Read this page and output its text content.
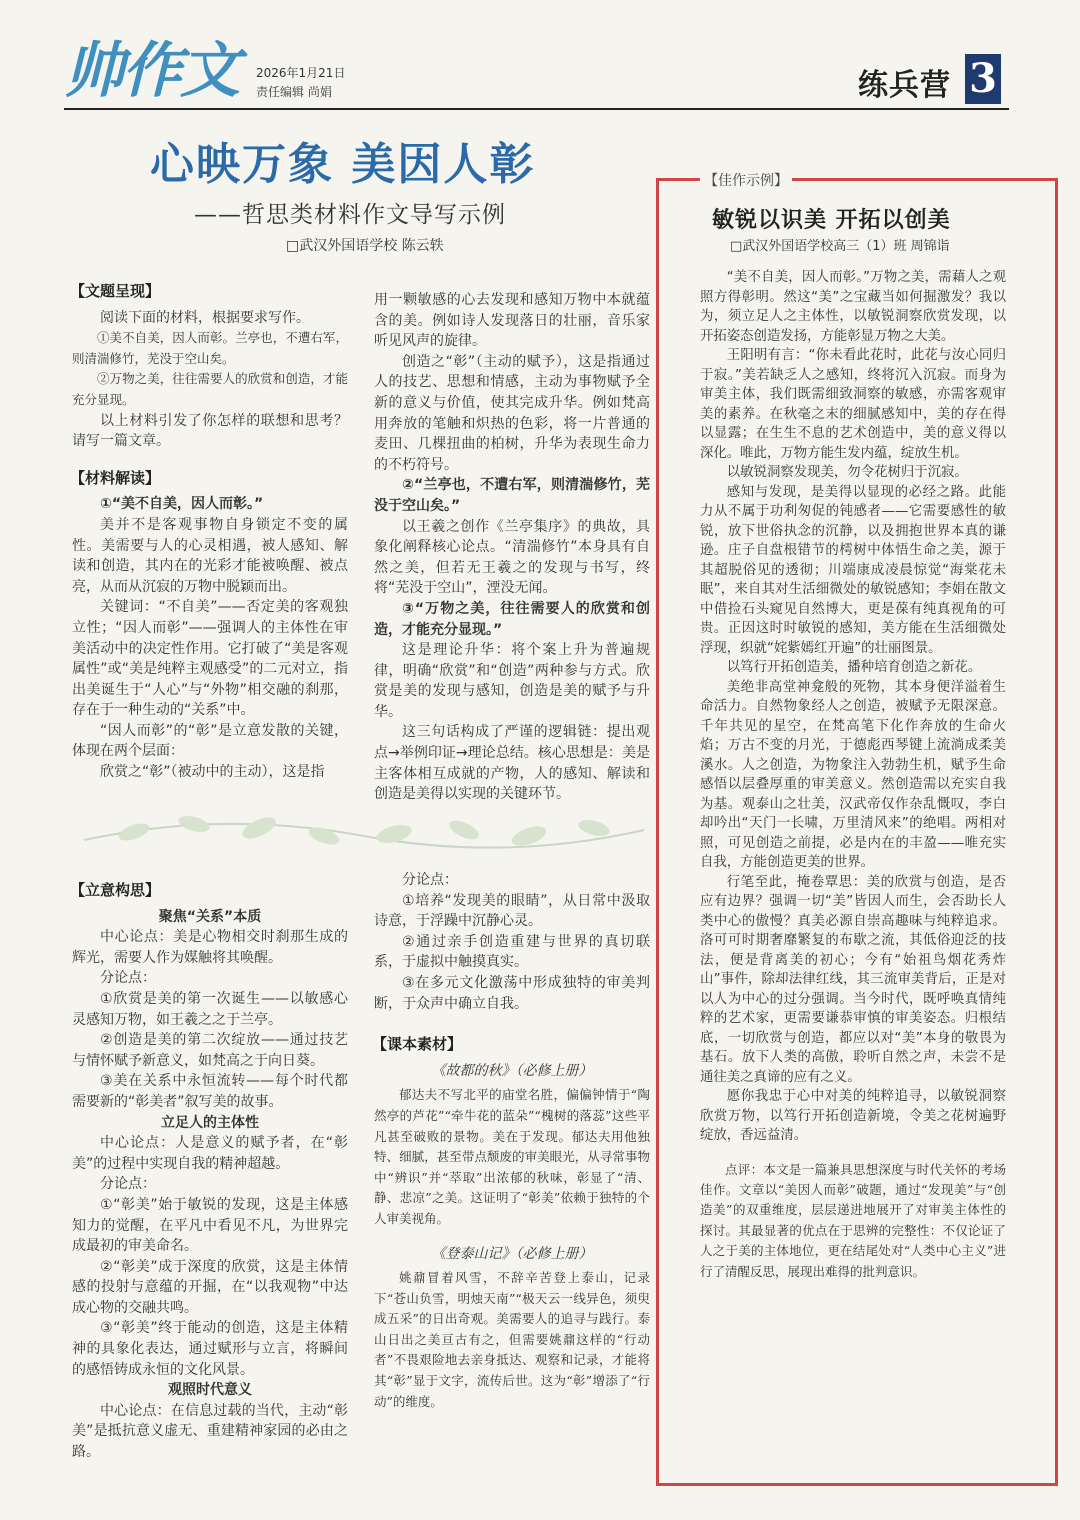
帅作文	2026年1月21日
责任编辑 尚娟	练兵营 3
心映万象 美因人彰
——哲思类材料作文导写示例
□武汉外国语学校 陈云轶
【文题呈现】

阅读下面的材料，根据要求写作。

①美不自美，因人而彰。兰亭也，不遭右军，则清湍修竹，芜没于空山矣。

②万物之美，往往需要人的欣赏和创造，才能充分显现。

以上材料引发了你怎样的联想和思考？请写一篇文章。

【材料解读】

①“美不自美，因人而彰。”

美并不是客观事物自身锁定不变的属性。美需要与人的心灵相遇，被人感知、解读和创造，其内在的光彩才能被唤醒、被点亮，从而从沉寂的万物中脱颖而出。

关键词：“不自美”——否定美的客观独立性；“因人而彰”——强调人的主体性在审美活动中的决定性作用。它打破了“美是客观属性”或“美是纯粹主观感受”的二元对立，指出美诞生于“人心”与“外物”相交融的刹那，存在于一种生动的“关系”中。

“因人而彰”的“彰”是立意发散的关键，体现在两个层面：

欣赏之“彰”（被动中的主动），这是指

用一颗敏感的心去发现和感知万物中本就蕴含的美。例如诗人发现落日的壮丽，音乐家听见风声的旋律。

创造之“彰”（主动的赋予），这是指通过人的技艺、思想和情感，主动为事物赋予全新的意义与价值，使其完成升华。例如梵高用奔放的笔触和炽热的色彩，将一片普通的麦田、几棵扭曲的柏树，升华为表现生命力的不朽符号。

②“兰亭也，不遭右军，则清湍修竹，芜没于空山矣。”

以王羲之创作《兰亭集序》的典故，具象化阐释核心论点。“清湍修竹”本身具有自然之美，但若无王羲之的发现与书写，终将“芜没于空山”，湮没无闻。

③“万物之美，往往需要人的欣赏和创造，才能充分显现。”

这是理论升华：将个案上升为普遍规律，明确“欣赏”和“创造”两种参与方式。欣赏是美的发现与感知，创造是美的赋予与升华。

这三句话构成了严谨的逻辑链：提出观点→举例印证→理论总结。核心思想是：美是主客体相互成就的产物，人的感知、解读和创造是美得以实现的关键环节。

【立意构思】

聚焦“关系”本质

中心论点：美是心物相交时刹那生成的辉光，需要人作为媒触将其唤醒。

分论点：

①欣赏是美的第一次诞生——以敏感心灵感知万物，如王羲之之于兰亭。

②创造是美的第二次绽放——通过技艺与情怀赋予新意义，如梵高之于向日葵。

③美在关系中永恒流转——每个时代都需要新的“彰美者”叙写美的故事。

立足人的主体性

中心论点：人是意义的赋予者，在“彰美”的过程中实现自我的精神超越。

分论点：

①“彰美”始于敏锐的发现，这是主体感知力的觉醒，在平凡中看见不凡，为世界完成最初的审美命名。

②“彰美”成于深度的欣赏，这是主体情感的投射与意蕴的开掘，在“以我观物”中达成心物的交融共鸣。

③“彰美”终于能动的创造，这是主体精神的具象化表达，通过赋形与立言，将瞬间的感悟铸成永恒的文化风景。

观照时代意义

中心论点：在信息过载的当代，主动“彰美”是抵抗意义虚无、重建精神家园的必由之路。

分论点：

①培养“发现美的眼睛”，从日常中汲取诗意，于浮躁中沉静心灵。

②通过亲手创造重建与世界的真切联系，于虚拟中触摸真实。

③在多元文化激荡中形成独特的审美判断，于众声中确立自我。

【课本素材】
《故都的秋》（必修上册）

郁达夫不写北平的庙堂名胜，偏偏钟情于“陶然亭的芦花”“牵牛花的蓝朵”“槐树的落蕊”这些平凡甚至破败的景物。美在于发现。郁达夫用他独特、细腻，甚至带点颓废的审美眼光，从寻常事物中“辨识”并“萃取”出浓郁的秋味，彰显了“清、静、悲凉”之美。这证明了“彰美”依赖于独特的个人审美视角。

《登泰山记》（必修上册）

姚鼐冒着风雪，不辞辛苦登上泰山，记录下“苍山负雪，明烛天南”“极天云一线异色，须臾成五采”的日出奇观。美需要人的追寻与践行。泰山日出之美亘古有之，但需要姚鼐这样的“行动者”不畏艰险地去亲身抵达、观察和记录，才能将其“彰”显于文字，流传后世。这为“彰”增添了“行动”的维度。

【佳作示例】
敏锐以识美 开拓以创美
□武汉外国语学校高三（1）班 周锦诣

“美不自美，因人而彰。”万物之美，需藉人之观照方得彰明。然这“美”之宝藏当如何掘激发？我以为，须立足人之主体性，以敏锐洞察欣赏发现，以开拓姿态创造发扬，方能彰显万物之大美。

王阳明有言：“你未看此花时，此花与汝心同归于寂。”美若缺乏人之感知，终将沉入沉寂。而身为审美主体，我们既需细致洞察的敏感，亦需客观审美的素养。在秋毫之末的细腻感知中，美的存在得以显露；在生生不息的艺术创造中，美的意义得以深化。唯此，万物方能生发内蕴，绽放生机。

以敏锐洞察发现美，勿令花树归于沉寂。

感知与发现，是美得以显现的必经之路。此能力从不属于功利匆促的钝感者——它需要感性的敏锐，放下世俗执念的沉静，以及拥抱世界本真的谦逊。庄子自盘根错节的樗树中体悟生命之美，源于其超脱俗见的透彻；川端康成凌晨惊觉“海棠花未眠”，来自其对生活细微处的敏锐感知；李娟在散文中借捡石头窥见自然博大，更是葆有纯真视角的可贵。正因这时时敏锐的感知，美方能在生活细微处浮现，织就“姹紫嫣红开遍”的壮丽图景。

以笃行开拓创造美，播种培育创造之新花。

美绝非高堂神龛般的死物，其本身便洋溢着生命活力。自然物象经人之创造，被赋予无限深意。千年共见的星空，在梵高笔下化作奔放的生命火焰；万古不变的月光，于德彪西琴键上流淌成柔美溪水。人之创造，为物象注入勃勃生机，赋予生命感悟以层叠厚重的审美意义。然创造需以充实自我为基。观泰山之壮美，汉武帝仅作杂乱慨叹，李白却吟出“天门一长啸，万里清风来”的绝唱。两相对照，可见创造之前提，必是内在的丰盈——唯充实自我，方能创造更美的世界。

行笔至此，掩卷覃思：美的欣赏与创造，是否应有边界？强调一切“美”皆因人而生，会否助长人类中心的傲慢？真美必源自崇高趣味与纯粹追求。洛可可时期奢靡繁复的布歇之流，其低俗迎泛的技法，便是背离美的初心；今有“始祖鸟烟花秀炸山”事件，除却法律红线，其三流审美背后，正是对以人为中心的过分强调。当今时代，既呼唤真情纯粹的艺术家，更需要谦恭审慎的审美姿态。归根结底，一切欣赏与创造，都应以对“美”本身的敬畏为基石。放下人类的高傲，聆听自然之声，未尝不是通往美之真谛的应有之义。

愿你我忠于心中对美的纯粹追寻，以敏锐洞察欣赏万物，以笃行开拓创造新境，令美之花树遍野绽放，香远益清。

点评：本文是一篇兼具思想深度与时代关怀的考场佳作。文章以“美因人而彰”破题，通过“发现美”与“创造美”的双重维度，层层递进地展开了对审美主体性的探讨。其最显著的优点在于思辨的完整性：不仅论证了人之于美的主体地位，更在结尾处对“人类中心主义”进行了清醒反思，展现出难得的批判意识。
